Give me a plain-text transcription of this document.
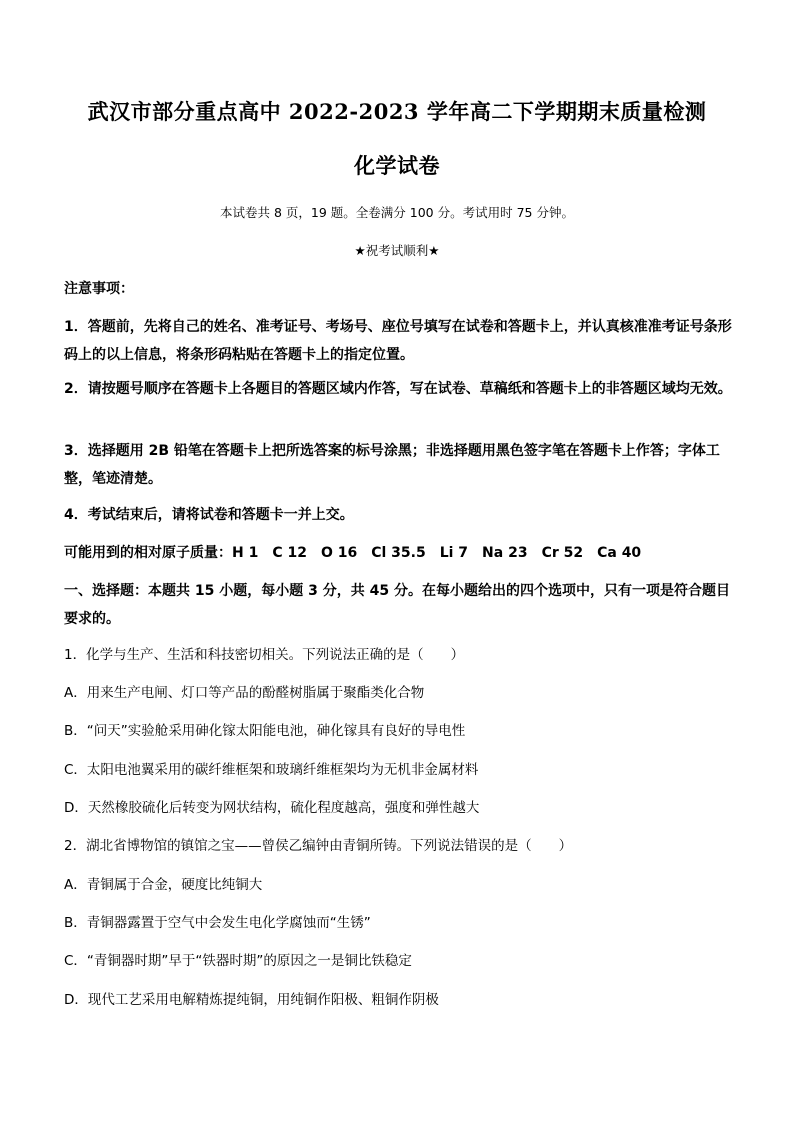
武汉市部分重点高中 2022-2023 学年高二下学期期末质量检测
化学试卷
本试卷共 8 页，19 题。全卷满分 100 分。考试用时 75 分钟。
★祝考试顺利★
注意事项：
1．答题前，先将自己的姓名、准考证号、考场号、座位号填写在试卷和答题卡上，并认真核准准考证号条形码上的以上信息，将条形码粘贴在答题卡上的指定位置。
2．请按题号顺序在答题卡上各题目的答题区域内作答，写在试卷、草稿纸和答题卡上的非答题区域均无效。
3．选择题用 2B 铅笔在答题卡上把所选答案的标号涂黑；非选择题用黑色签字笔在答题卡上作答；字体工整，笔迹清楚。
4．考试结束后，请将试卷和答题卡一并上交。
可能用到的相对原子质量：H 1　C 12　O 16　Cl 35.5　Li 7　Na 23　Cr 52　Ca 40
一、选择题：本题共 15 小题，每小题 3 分，共 45 分。在每小题给出的四个选项中，只有一项是符合题目要求的。
1．化学与生产、生活和科技密切相关。下列说法正确的是（　　）
A．用来生产电闸、灯口等产品的酚醛树脂属于聚酯类化合物
B．“问天”实验舱采用砷化镓太阳能电池，砷化镓具有良好的导电性
C．太阳电池翼采用的碳纤维框架和玻璃纤维框架均为无机非金属材料
D．天然橡胶硫化后转变为网状结构，硫化程度越高，强度和弹性越大
2．湖北省博物馆的镇馆之宝——曾侯乙编钟由青铜所铸。下列说法错误的是（　　）
A．青铜属于合金，硬度比纯铜大
B．青铜器露置于空气中会发生电化学腐蚀而“生锈”
C．“青铜器时期”早于“铁器时期”的原因之一是铜比铁稳定
D．现代工艺采用电解精炼提纯铜，用纯铜作阳极、粗铜作阴极
